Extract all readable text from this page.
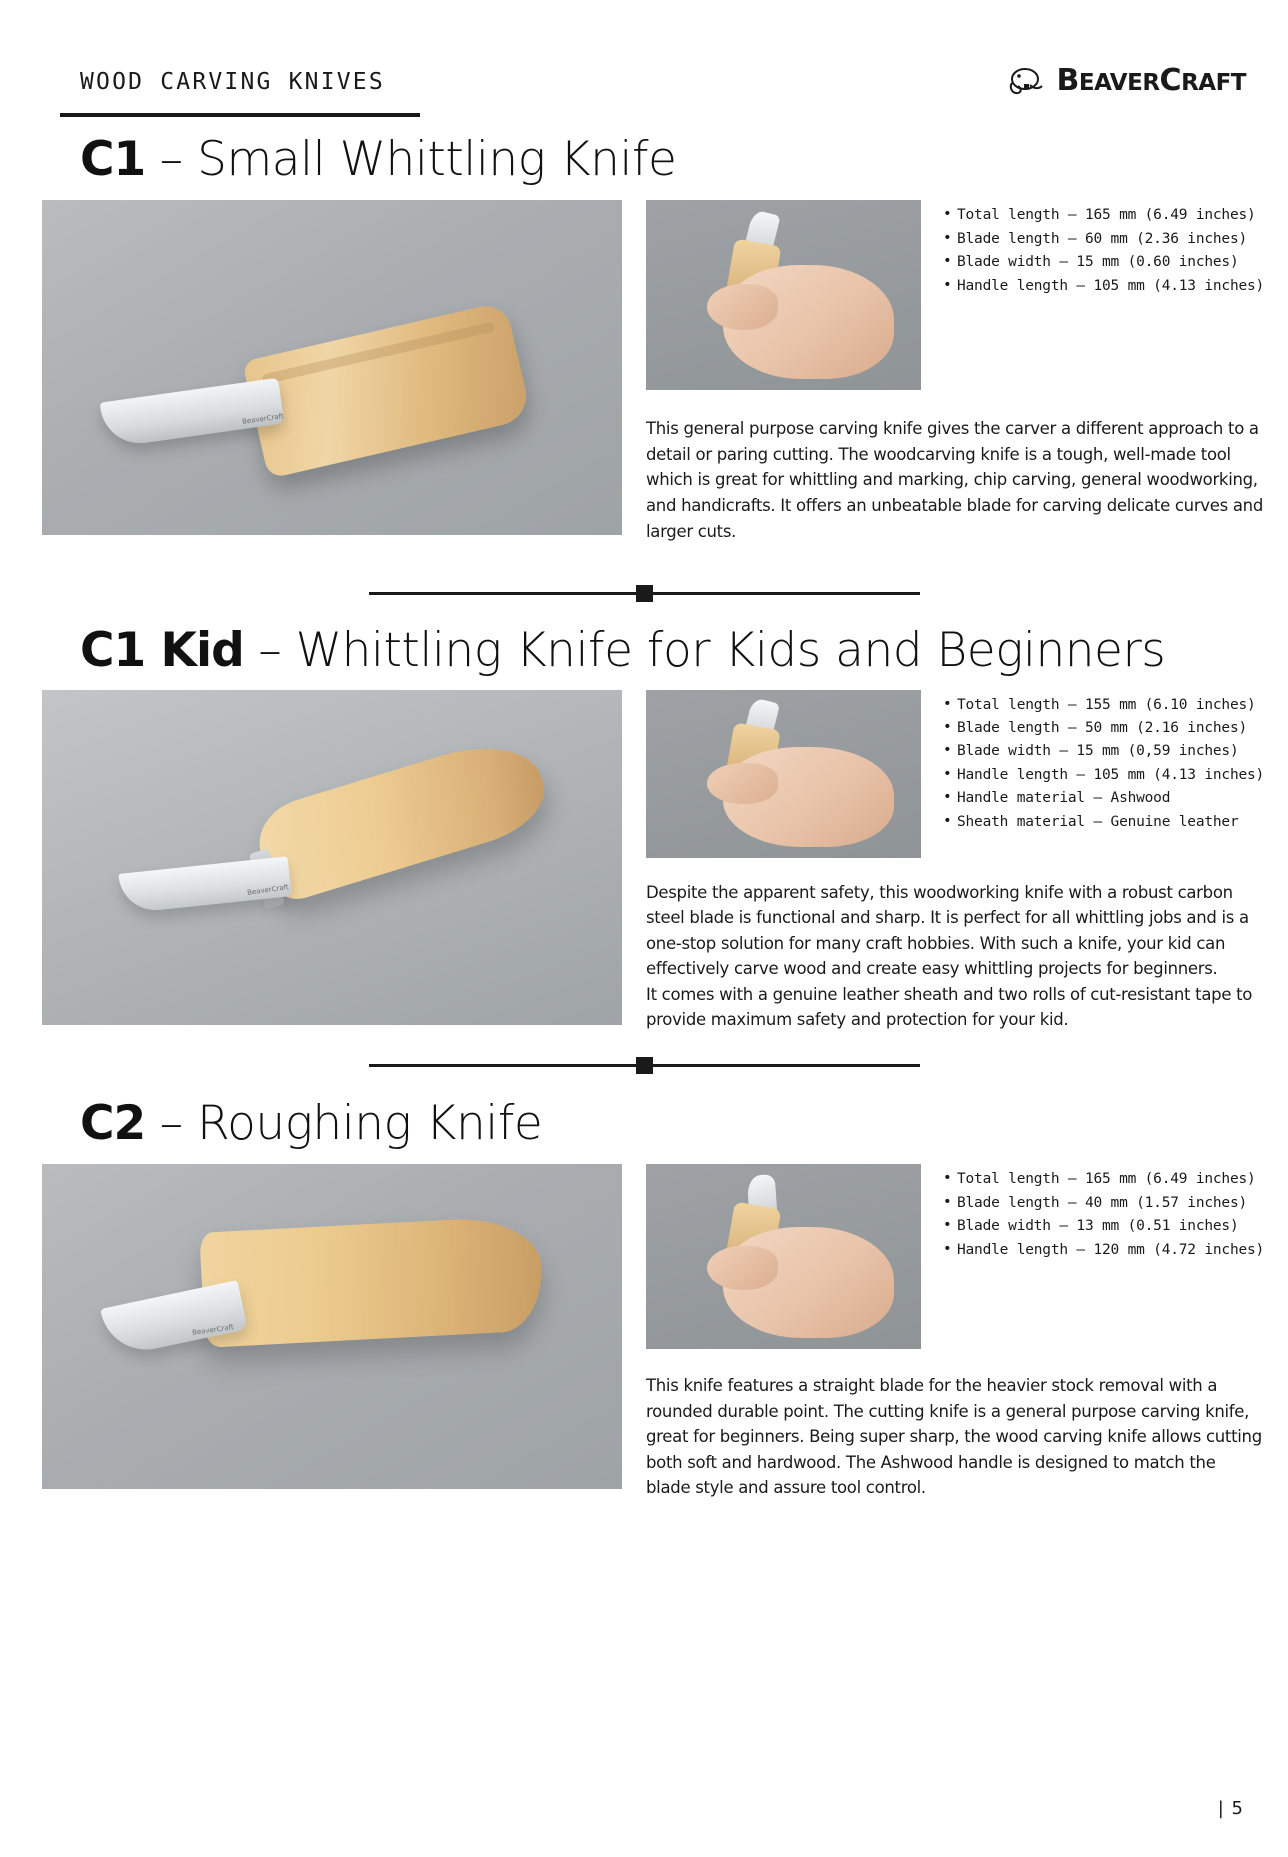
WOOD CARVING KNIVES	BEAVERCRAFT
C1 – Small Whittling Knife
BeaverCraft
• Total length – 165 mm (6.49 inches)
• Blade length – 60 mm (2.36 inches)
• Blade width – 15 mm (0.60 inches)
• Handle length – 105 mm (4.13 inches)

This general purpose carving knife gives the carver a different approach to a detail or paring cutting. The woodcarving knife is a tough, well-made tool which is great for whittling and marking, chip carving, general woodworking, and handicrafts. It offers an unbeatable blade for carving delicate curves and larger cuts.

C1 Kid – Whittling Knife for Kids and Beginners
BeaverCraft
• Total length – 155 mm (6.10 inches)
• Blade length – 50 mm (2.16 inches)
• Blade width – 15 mm (0,59 inches)
• Handle length – 105 mm (4.13 inches)
• Handle material – Ashwood
• Sheath material – Genuine leather

Despite the apparent safety, this woodworking knife with a robust carbon steel blade is functional and sharp. It is perfect for all whittling jobs and is a one-stop solution for many craft hobbies. With such a knife, your kid can effectively carve wood and create easy whittling projects for beginners.

It comes with a genuine leather sheath and two rolls of cut-resistant tape to provide maximum safety and protection for your kid.

C2 – Roughing Knife
BeaverCraft
• Total length – 165 mm (6.49 inches)
• Blade length – 40 mm (1.57 inches)
• Blade width – 13 mm (0.51 inches)
• Handle length – 120 mm (4.72 inches)

This knife features a straight blade for the heavier stock removal with a rounded durable point. The cutting knife is a general purpose carving knife, great for beginners. Being super sharp, the wood carving knife allows cutting both soft and hardwood. The Ashwood handle is designed to match the blade style and assure tool control.

| 5
